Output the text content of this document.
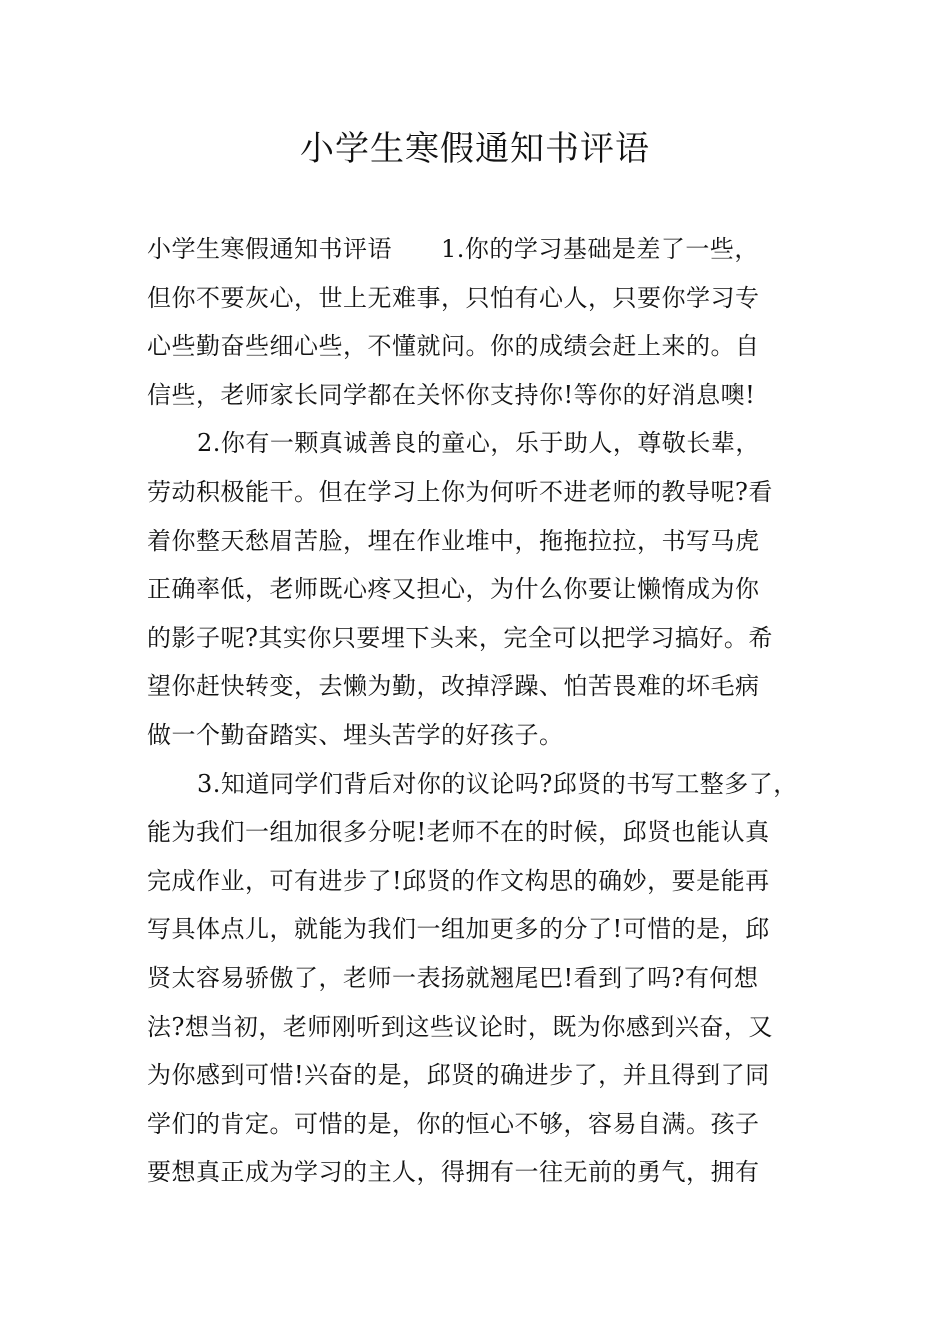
小学生寒假通知书评语
小学生寒假通知书评语　　1.你的学习基础是差了一些，
但你不要灰心，世上无难事，只怕有心人，只要你学习专
心些勤奋些细心些，不懂就问。你的成绩会赶上来的。自
信些，老师家长同学都在关怀你支持你!等你的好消息噢!
2.你有一颗真诚善良的童心，乐于助人，尊敬长辈，
劳动积极能干。但在学习上你为何听不进老师的教导呢?看
着你整天愁眉苦脸，埋在作业堆中，拖拖拉拉，书写马虎
正确率低，老师既心疼又担心，为什么你要让懒惰成为你
的影子呢?其实你只要埋下头来，完全可以把学习搞好。希
望你赶快转变，去懒为勤，改掉浮躁、怕苦畏难的坏毛病
做一个勤奋踏实、埋头苦学的好孩子。
3.知道同学们背后对你的议论吗?邱贤的书写工整多了，
能为我们一组加很多分呢!老师不在的时候，邱贤也能认真
完成作业，可有进步了!邱贤的作文构思的确妙，要是能再
写具体点儿，就能为我们一组加更多的分了!可惜的是，邱
贤太容易骄傲了，老师一表扬就翘尾巴!看到了吗?有何想
法?想当初，老师刚听到这些议论时，既为你感到兴奋，又
为你感到可惜!兴奋的是，邱贤的确进步了，并且得到了同
学们的肯定。可惜的是，你的恒心不够，容易自满。孩子
要想真正成为学习的主人，得拥有一往无前的勇气，拥有
